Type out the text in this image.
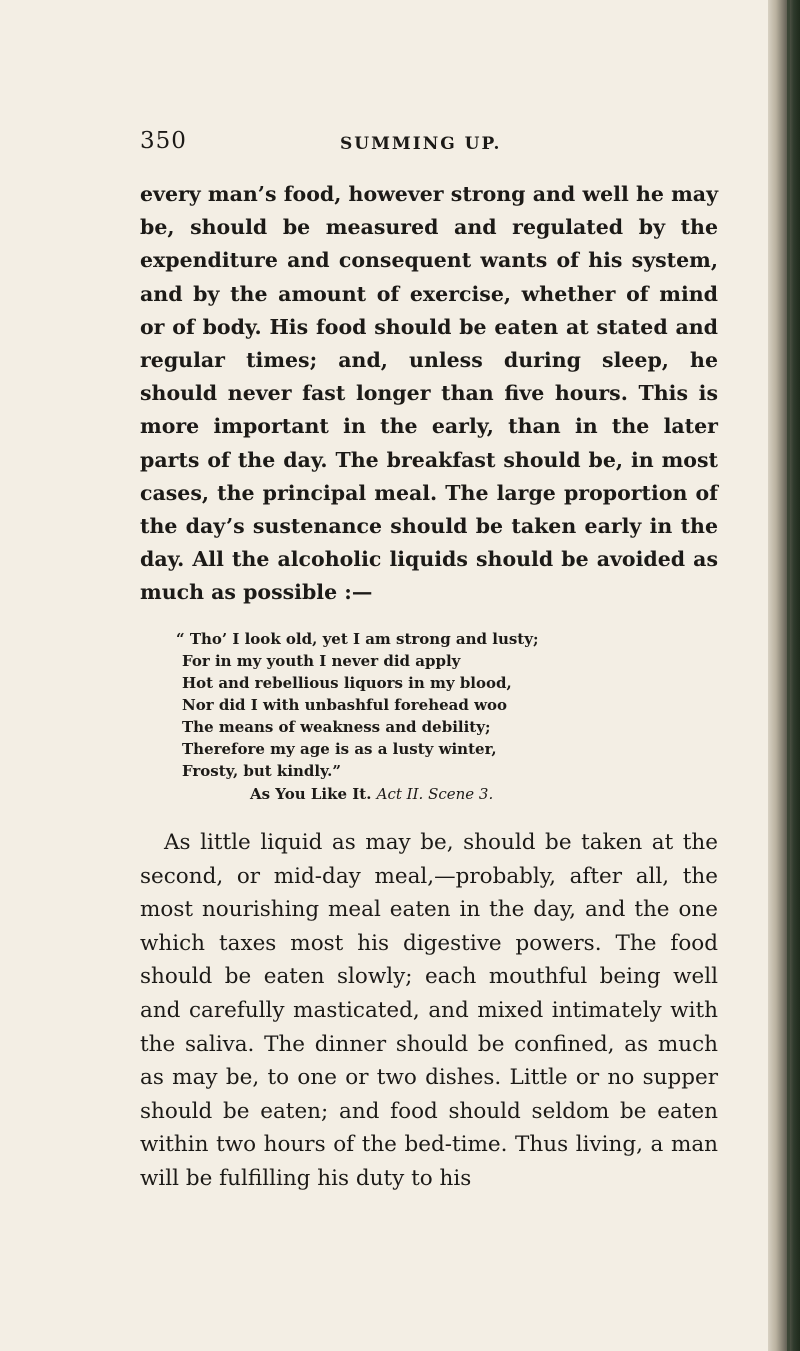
350	SUMMING UP.

every man’s food, however strong and well he may be, should be measured and regulated by the expenditure and consequent wants of his system, and by the amount of exercise, whether of mind or of body. His food should be eaten at stated and regular times; and, unless during sleep, he should never fast longer than five hours. This is more important in the early, than in the later parts of the day. The breakfast should be, in most cases, the principal meal. The large proportion of the day’s sustenance should be taken early in the day. All the alcoholic liquids should be avoided as much as possible :—

“ Tho’ I look old, yet I am strong and lusty;
For in my youth I never did apply
Hot and rebellious liquors in my blood,
Nor did I with unbashful forehead woo
The means of weakness and debility;
Therefore my age is as a lusty winter,
Frosty, but kindly.”
As You Like It. Act II. Scene 3.

As little liquid as may be, should be taken at the second, or mid-day meal,—probably, after all, the most nourishing meal eaten in the day, and the one which taxes most his digestive powers. The food should be eaten slowly; each mouthful being well and carefully masticated, and mixed intimately with the saliva. The dinner should be confined, as much as may be, to one or two dishes. Little or no supper should be eaten; and food should seldom be eaten within two hours of the bed-time. Thus living, a man will be fulfilling his duty to his
